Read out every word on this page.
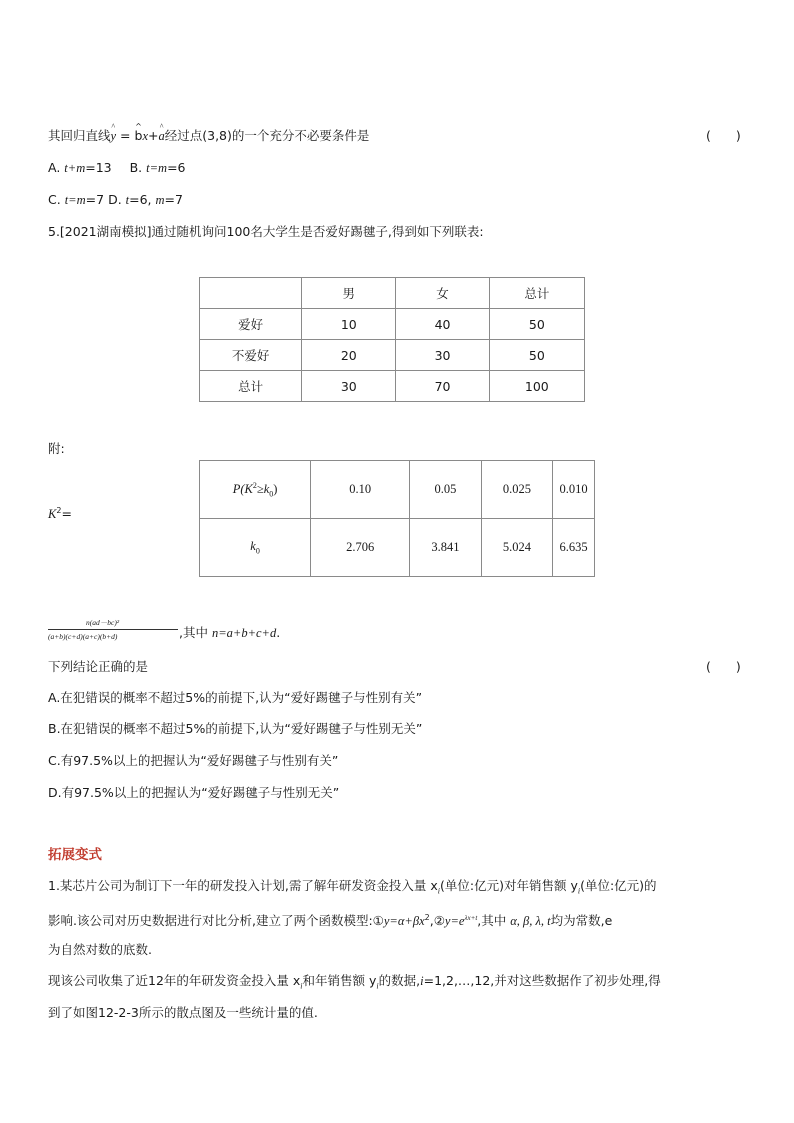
其回归直线^ y = ^ bx+^ a经过点(3,8)的一个充分不必要条件是	(　　)
A. t+m=13 B. t=m=6
C. t=m=7 D. t=6, m=7
5.[2021湖南模拟]通过随机询问100名大学生是否爱好踢毽子,得到如下列联表:
	男	女	总计
爱好	10	40	50
不爱好	20	30	50
总计	30	70	100
附:
$K^2=$
$P(K^2\ge k_0)$	0.10	0.05	0.025	0.010
$k_0$	2.706	3.841	5.024	6.635
n(ad－bc)²
(a+b)(c+d)(a+c)(b+d)	,其中 n=a+b+c+d.
下列结论正确的是	(　　)
A.在犯错误的概率不超过5%的前提下,认为“爱好踢毽子与性别有关”
B.在犯错误的概率不超过5%的前提下,认为“爱好踢毽子与性别无关”
C.有97.5%以上的把握认为“爱好踢毽子与性别有关”
D.有97.5%以上的把握认为“爱好踢毽子与性别无关”
拓展变式
1.某芯片公司为制订下一年的研发投入计划,需了解年研发资金投入量 $x_i$(单位:亿元)对年销售额 $y_i$(单位:亿元)的
影响.该公司对历史数据进行对比分析,建立了两个函数模型$:①y=\alpha+\beta x^2,②y=e^{\lambda x+t}$,其中 α, β, λ, t均为常数,e
为自然对数的底数.
现该公司收集了近12年的年研发资金投入量 $x_i$和年销售额 $y_i$的数据,i=1,2,…,12,并对这些数据作了初步处理,得
到了如图12-2-3所示的散点图及一些统计量的值.
